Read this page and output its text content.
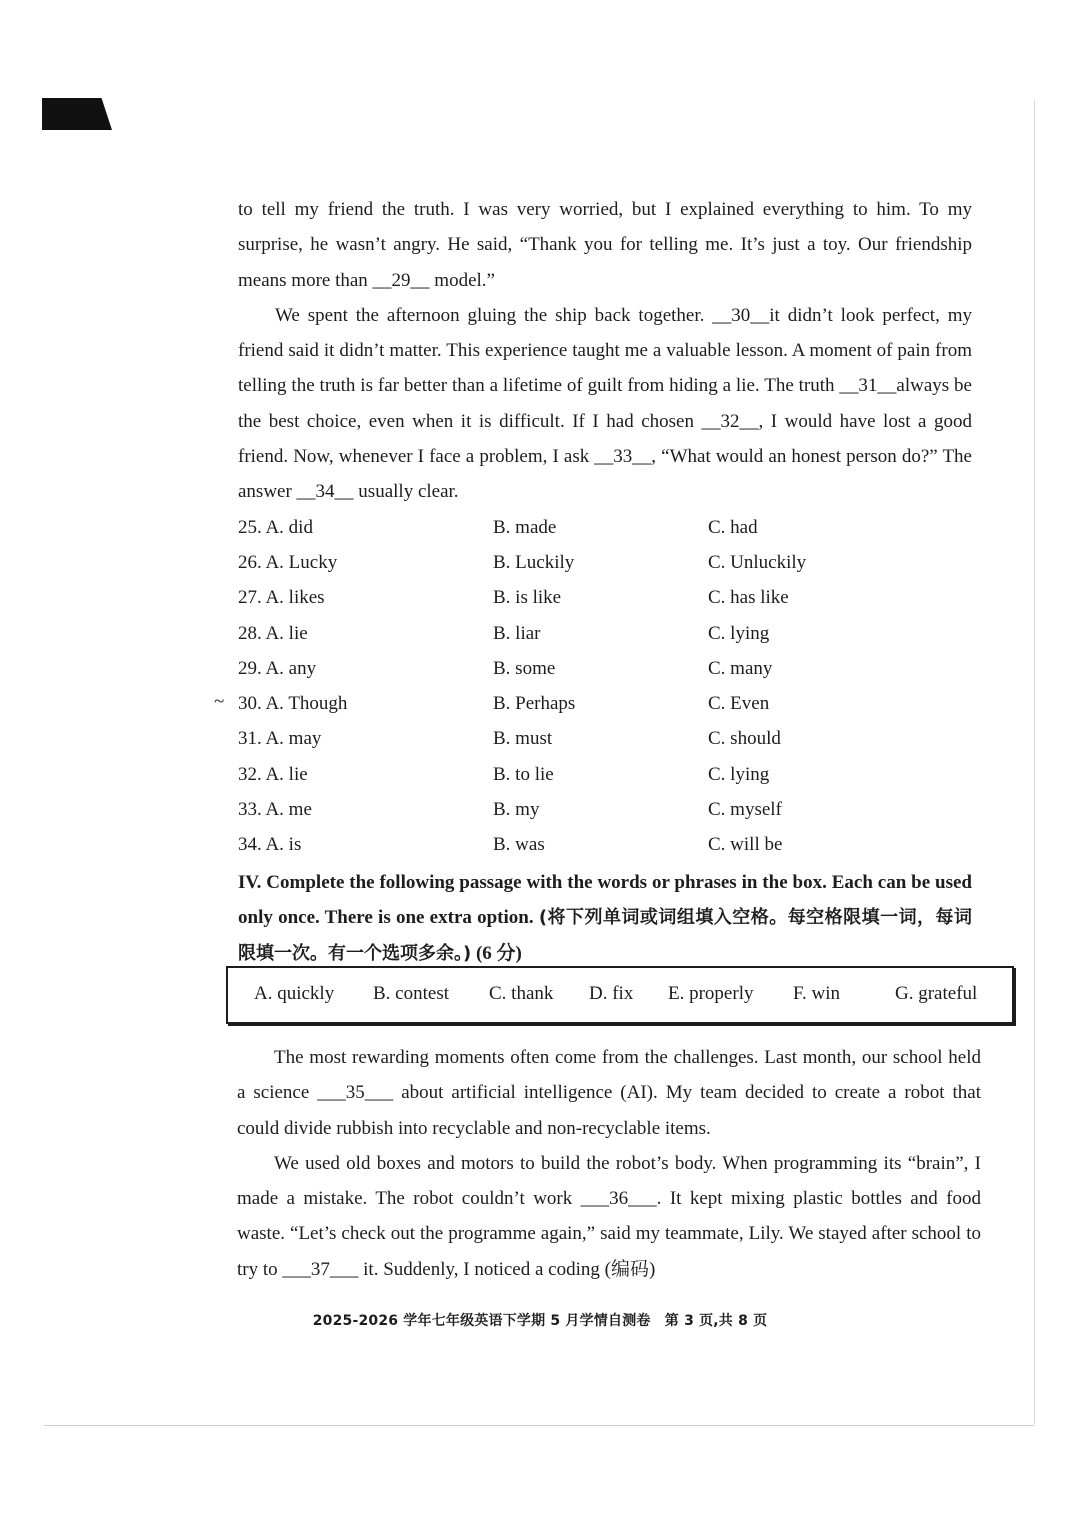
to tell my friend the truth. I was very worried, but I explained everything to him. To my surprise, he wasn’t angry. He said, “Thank you for telling me. It’s just a toy. Our friendship means more than __29__ model.”

We spent the afternoon gluing the ship back together. __30__it didn’t look perfect, my friend said it didn’t matter. This experience taught me a valuable lesson. A moment of pain from telling the truth is far better than a lifetime of guilt from hiding a lie. The truth __31__always be the best choice, even when it is difficult. If I had chosen __32__, I would have lost a good friend. Now, whenever I face a problem, I ask __33__, “What would an honest person do?” The answer __34__ usually clear.

25. A. did	B. made	C. had
26. A. Lucky	B. Luckily	C. Unluckily
27. A. likes	B. is like	C. has like
28. A. lie	B. liar	C. lying
29. A. any	B. some	C. many
~ 30. A. Though	B. Perhaps	C. Even
31. A. may	B. must	C. should
32. A. lie	B. to lie	C. lying
33. A. me	B. my	C. myself
34. A. is	B. was	C. will be

IV. Complete the following passage with the words or phrases in the box. Each can be used only once. There is one extra option. (将下列单词或词组填入空格。每空格限填一词，每词限填一次。有一个选项多余。) (6 分)

A. quickly B. contest C. thank D. fix E. properly F. win	G. grateful

The most rewarding moments often come from the challenges. Last month, our school held a science ___35___ about artificial intelligence (AI). My team decided to create a robot that could divide rubbish into recyclable and non-recyclable items.

We used old boxes and motors to build the robot’s body. When programming its “brain”, I made a mistake. The robot couldn’t work ___36___. It kept mixing plastic bottles and food waste. “Let’s check out the programme again,” said my teammate, Lily. We stayed after school to try to ___37___ it. Suddenly, I noticed a coding (编码)

2025-2026 学年七年级英语下学期 5 月学情自测卷　第 3 页,共 8 页
